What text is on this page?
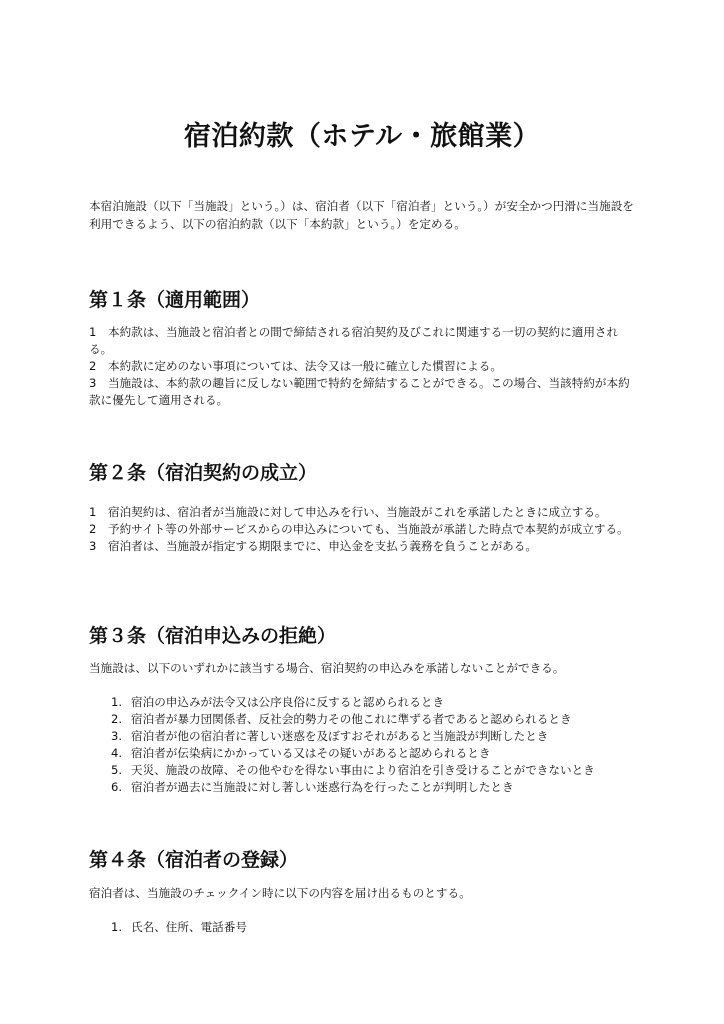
宿泊約款（ホテル・旅館業）

本宿泊施設（以下「当施設」という。）は、宿泊者（以下「宿泊者」という。）が安全かつ円滑に当施設を利用できるよう、以下の宿泊約款（以下「本約款」という。）を定める。

第１条（適用範囲）

1　本約款は、当施設と宿泊者との間で締結される宿泊契約及びこれに関連する一切の契約に適用される。

2　本約款に定めのない事項については、法令又は一般に確立した慣習による。

3　当施設は、本約款の趣旨に反しない範囲で特約を締結することができる。この場合、当該特約が本約款に優先して適用される。

第２条（宿泊契約の成立）

1　宿泊契約は、宿泊者が当施設に対して申込みを行い、当施設がこれを承諾したときに成立する。

2　予約サイト等の外部サービスからの申込みについても、当施設が承諾した時点で本契約が成立する。

3　宿泊者は、当施設が指定する期限までに、申込金を支払う義務を負うことがある。

第３条（宿泊申込みの拒絶）

当施設は、以下のいずれかに該当する場合、宿泊契約の申込みを承諾しないことができる。

1. 宿泊の申込みが法令又は公序良俗に反すると認められるとき
2. 宿泊者が暴力団関係者、反社会的勢力その他これに準ずる者であると認められるとき
3. 宿泊者が他の宿泊者に著しい迷惑を及ぼすおそれがあると当施設が判断したとき
4. 宿泊者が伝染病にかかっている又はその疑いがあると認められるとき
5. 天災、施設の故障、その他やむを得ない事由により宿泊を引き受けることができないとき
6. 宿泊者が過去に当施設に対し著しい迷惑行為を行ったことが判明したとき
第４条（宿泊者の登録）

宿泊者は、当施設のチェックイン時に以下の内容を届け出るものとする。

1. 氏名、住所、電話番号
